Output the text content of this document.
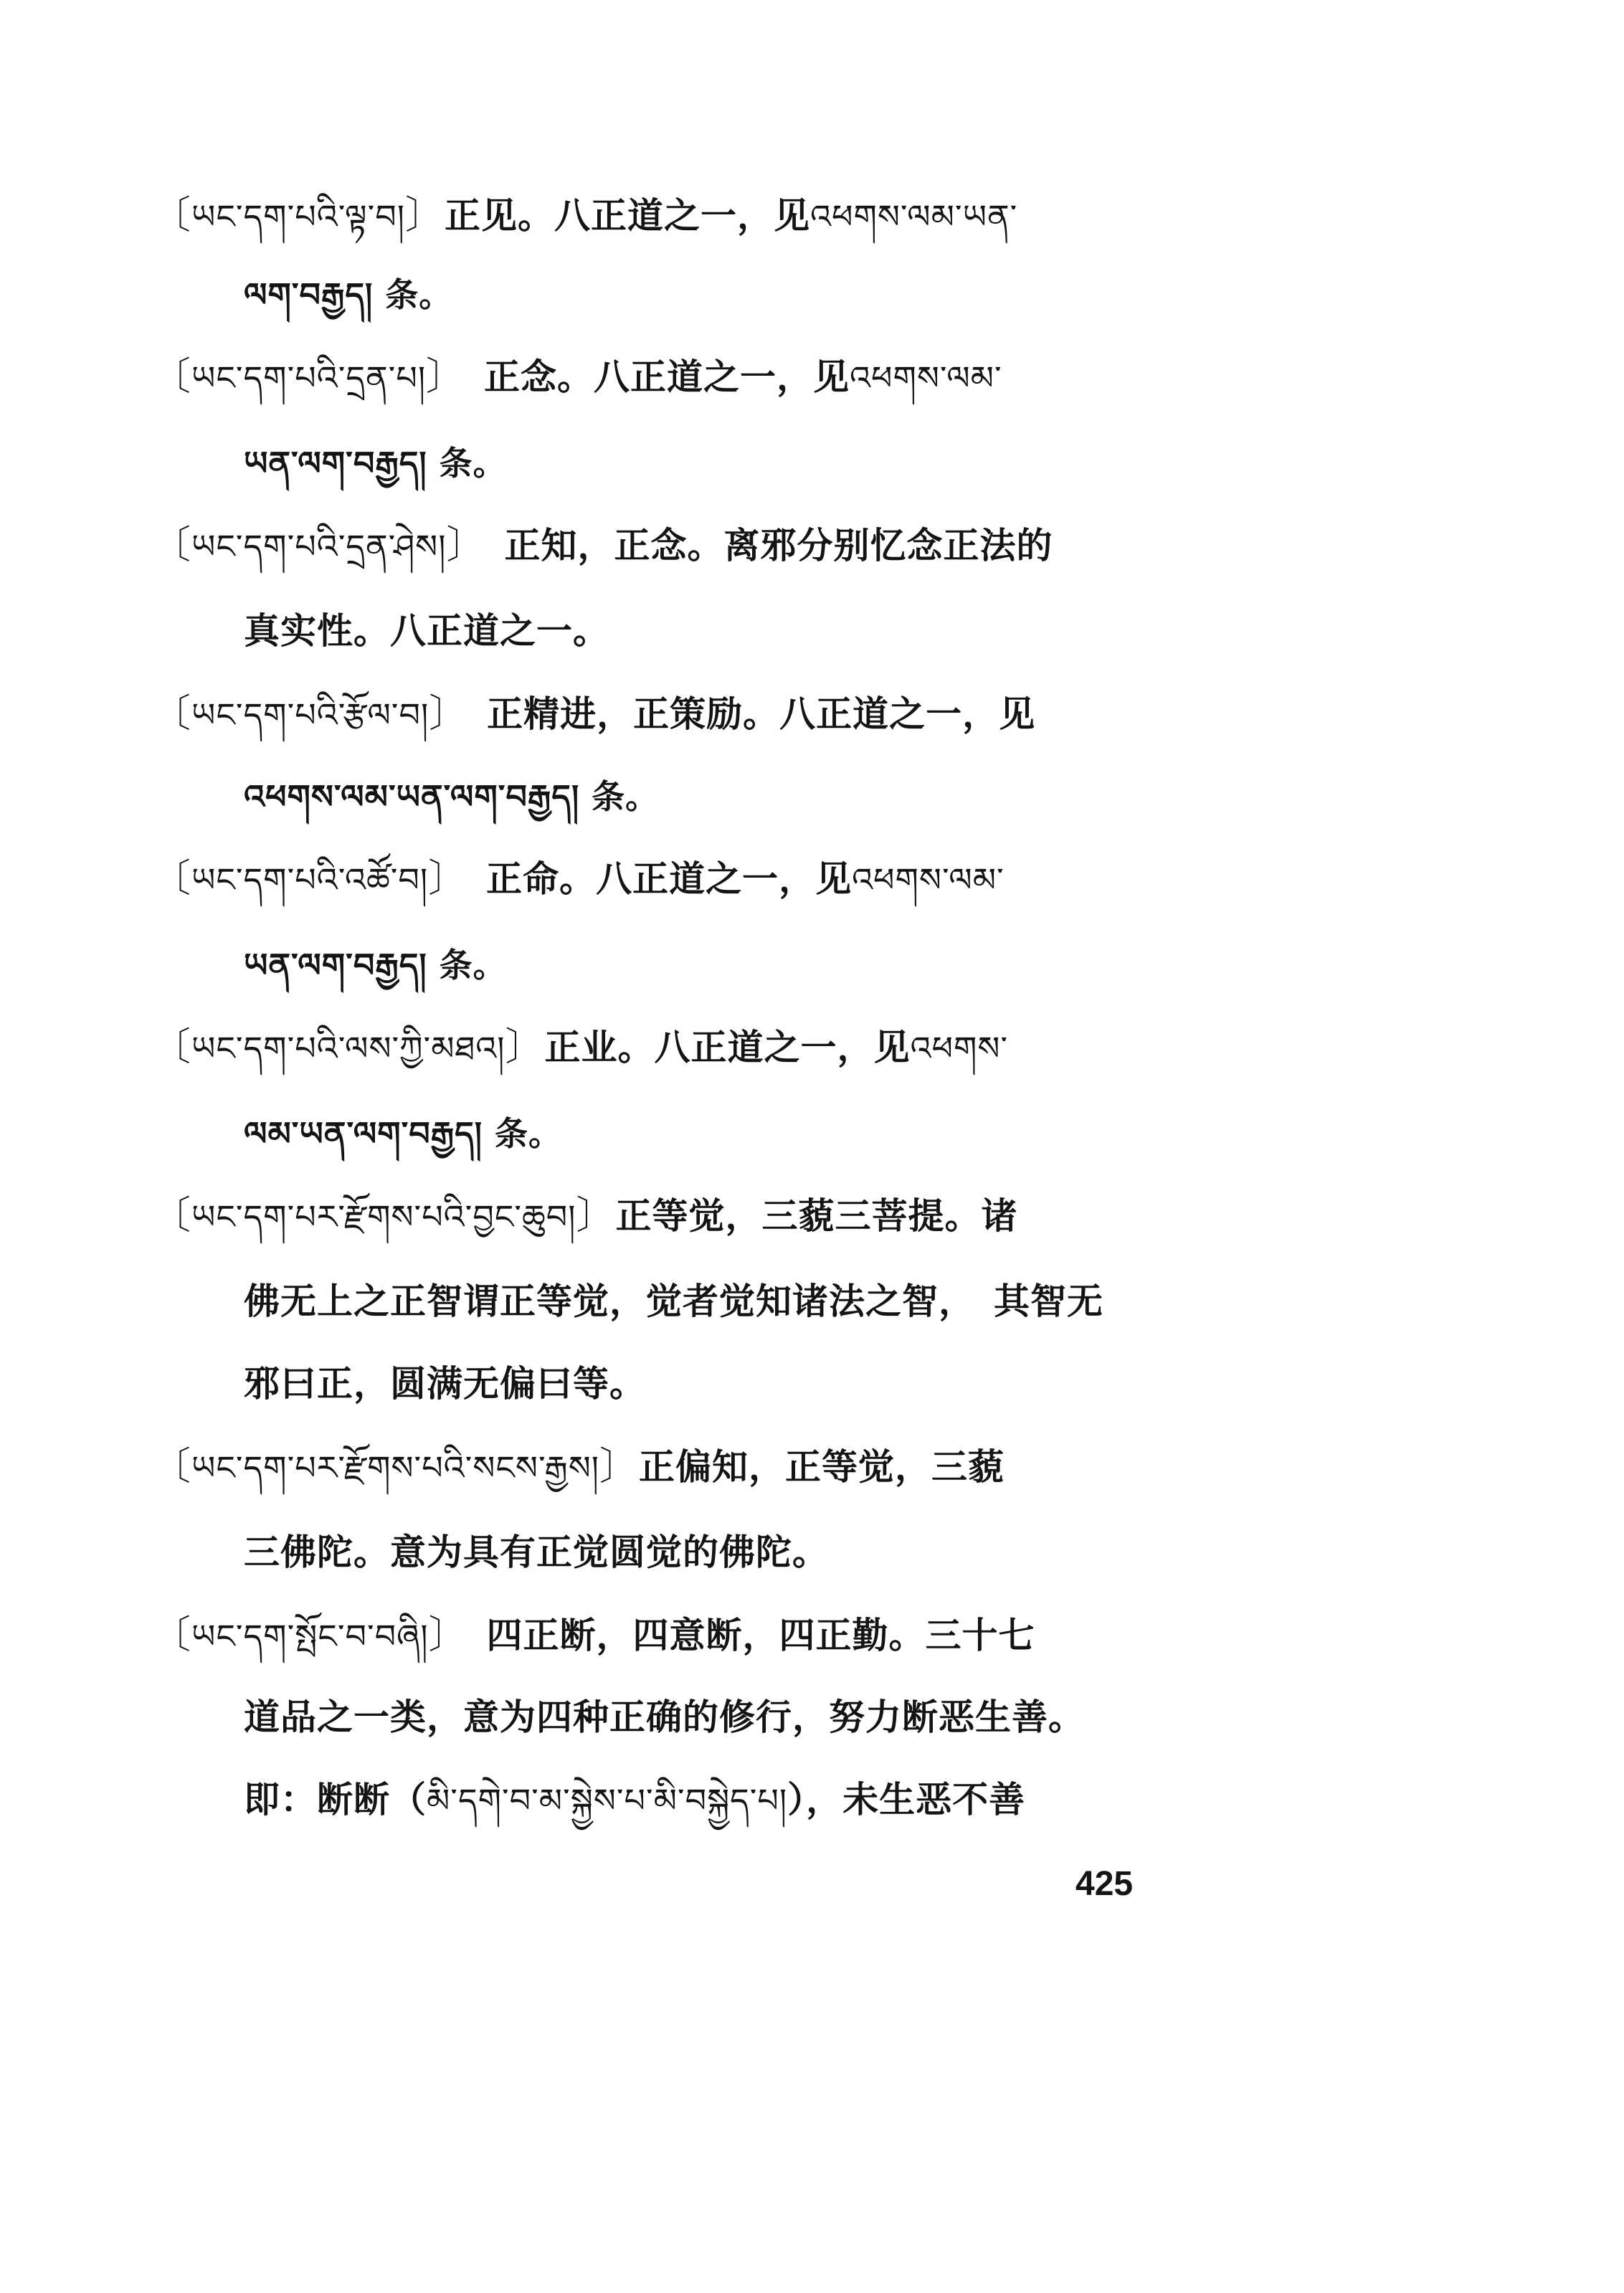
〔ཡང་དག་པའི་ལྟ་བ།〕正见。八正道之一，见འཕགས་ལམ་ཡན་
ལག་བརྒྱད། 条。
〔ཡང་དག་པའི་དྲན་པ།〕 正念。八正道之一，见འཕགས་ལམ་
ཡན་ལག་བརྒྱད། 条。
〔ཡང་དག་པའི་དྲན་ཤེས།〕 正知，正念。离邪分别忆念正法的
真实性。八正道之一。
〔ཡང་དག་པའི་རྩོལ་བ།〕 正精进，正策励。八正道之一，见
འཕགས་ལམ་ཡན་ལག་བརྒྱད། 条。
〔ཡང་དག་པའི་འཚོ་བ།〕 正命。八正道之一，见འཕགས་ལམ་
ཡན་ལག་བརྒྱད། 条。
〔ཡང་དག་པའི་ལས་ཀྱི་མཐའ།〕正业。八正道之一，见འཕགས་
ལམ་ཡན་ལག་བརྒྱད། 条。
〔ཡང་དག་པར་རྫོགས་པའི་བྱང་ཆུབ།〕正等觉，三藐三菩提。诸
佛无上之正智谓正等觉，觉者觉知诸法之智，　其智无
邪曰正，圆满无偏曰等。
〔ཡང་དག་པར་རྫོགས་པའི་སངས་རྒྱས།〕正偏知，正等觉，三藐
三佛陀。意为具有正觉圆觉的佛陀。
〔ཡང་དག་སྤོང་བ་བཞི།〕 四正断，四意断，四正勤。三十七
道品之一类，意为四种正确的修行，努力断恶生善。
即：断断（མི་དགེ་བ་མ་སྐྱེས་པ་མི་བསྐྱེད་པ།），未生恶不善
425
